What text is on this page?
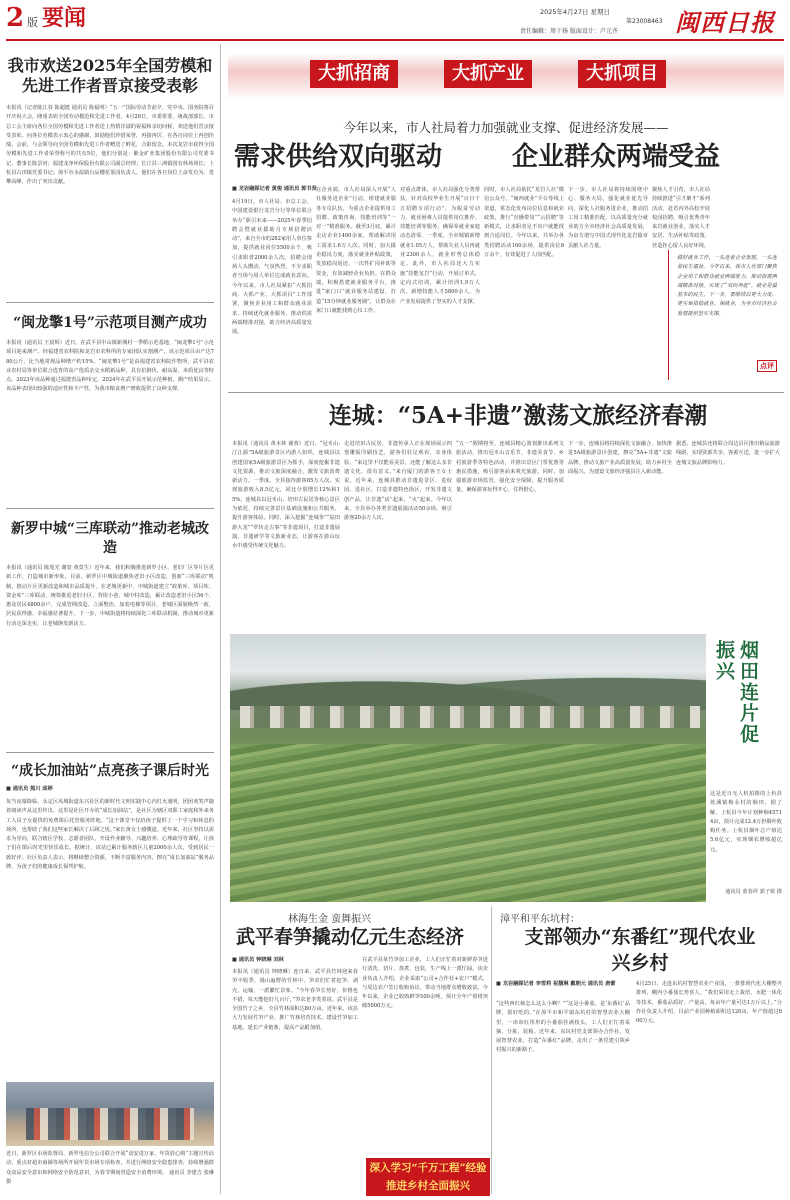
2 版 要闻	2025年4月27日 星期日
第23008463
责任编辑：周于扬 版面设计：卢元齐 闽西日报
我市欢送2025年全国劳模和先进工作者晋京接受表彰
本报讯（记者陈江春 陈超挺 通讯员 陈福明）“五一”国际劳动节前夕，党中央、国务院将召开庆祝大会，隆重表彰全国劳动模范和先进工作者。4月26日，市委常委、统战部部长、市总工会主席向各位全国劳模和先进工作者送上热情洋溢的祝福和亲切问候，欢送他们晋京接受表彰。向各位劳模表示衷心的感谢，鼓励他们珍惜荣誉，再接再厉，在各自岗位上再创佳绩。会前，与会领导向全国劳模和先进工作者赠送了鲜花，合影留念。本次龙岩市获得全国劳模和先进工作者荣誉称号的共有5位，他们分别是：紫金矿业集团股份有限公司党委书记、董事长陈景河；福建龙净环保股份有限公司副总经理；长汀县三洲镇国有林场场长；上杭县古田镇党委书记；漳平市永福镇台品樱花茶园负责人。他们在各自岗位上奋发有为、勇攀高峰，作出了突出贡献。
“闽龙擎1号”示范项目测产成功
本报讯（通讯员 王晨辉）近日，在武平县中山镇新城村一季稻示范基地，“闽龙擎1号”示范项目迎来测产。经福建省农科院和龙岩市农科所的专家团队实割测产，该示范项目亩产达780公斤，比当地常规品种增产约15%。“闽龙擎1号”是由福建省农科院作物所、武平县农业农村局等单位联合选育的高产优质杂交水稻新品种，具有抗倒伏、耐高温、米质优良等特点。2023年该品种通过福建省品种审定，2024年在武平县开展示范种植。测产结果显示，该品种表现出较强的适应性和丰产性，为我市粮食增产增收提供了良种支撑。
新罗中城“三库联动”推动老城改造
本报讯（通讯员 陈莲光 谢宽 黄莫生）近年来，我们积极推进新罗小区、老旧厂区等片区更新工作，打造城市新形象。目前，新罗区中城街道聚焦老旧小区改造，创新“三库联动”机制，推动片区更新改造和城市品质提升。在老城更新中，中城街道建立“政策库、项目库、资金库”三库联动，统筹推进老旧小区、背街小巷、城中村改造，累计改造老旧小区56个、惠及居民4800余户，完成管网改造、立面整治、加装电梯等项目，老城区面貌焕然一新，居民获得感、幸福感显著提升。下一步，中城街道将持续深化三库联动机制，推动城市更新行动走深走实，让老城焕发新活力。
“成长加油站”点亮孩子课后时光
■ 通讯员 熊川 邱婷
每当夜幕降临，永定区凤城街道东兴社区的新时代文明实践中心内灯火通明，团团欢笑声随着朗读声从这里传出。这里是社区开办的“成长加油站”，是社区为辖区双职工家庭和外来务工人员子女提供的免费课后托管服务阵地。“这个课堂不仅给孩子提供了一个学习和休息的场所，也帮助了我们这些家长解决了后顾之忧。”家长黄女士感慨道。近年来，社区坚持以需求为导向，联合辖区学校、志愿者团队，开设作业辅导、兴趣培养、心理疏导等课程，让孩子们在课后时光里快乐成长。据统计，该站已累计服务辖区儿童2000余人次，受到居民一致好评。社区负责人表示，将继续整合资源，不断丰富服务内容，擦亮“成长加油站”服务品牌，为孩子们的健康成长保驾护航。
近日，新罗区市场监督局、新罗电信分公司联合开展“食安进万家、年货放心购”主题宣传活动，重点对超市商铺等场所开展年货市场专项检查，并进行网络安全隐患排查，持续增强群众食品安全意识和网络安全防范意识，为春节期间营造安全消费环境。 通讯员 李建吉 张琳 摄
大抓招商	大抓产业	大抓项目
今年以来，市人社局着力加强就业支撑、促进经济发展——
需求供给双向驱动	企业群众两端受益
■ 龙岩融媒记者 黄俊 通讯员 郭书贤
4月19日，市人社局、市总工会、中国建设银行龙岩分行等单位联合举办“职引未来——2025年春季招聘会暨就业援助月专场招聘活动”，来自全市的282家用人单位参加，提供就业岗位5500余个，吸引求职者2000余人次。招聘会现场人头攒动，气氛热烈，不少求职者当场与用人单位达成就业意向。今年以来，市人社局紧扣“大抓招商、大抓产业、大抓项目”工作部署，聚焦企业用工和群众就业需求，持续优化就业服务，推动供需两端精准对接，助力经济高质量发展。
在企业端，市人社局深入开展“人社服务进企业”行动，组建就业服务专员队伍，为重点企业提供用工招聘、政策咨询、技能培训等“一对一”精准服务。截至3月底，累计走访企业1400余家，帮助解决用工需求1.6万人次。同时，加大援企稳岗力度，落实就业补贴政策，发放稳岗返还、一次性扩岗补助等资金，有效减轻企业负担。在群众端，积极搭建就业服务平台，推进“家门口”就业服务站建设，打造“15分钟就业服务圈”，让群众在家门口就能找到心仪工作。
对重点群体，市人社局强化分类帮扶，针对高校毕业生开展“百日千万招聘专项行动”，为脱贫劳动力、就业困难人员提供岗位推荐、技能培训等服务，确保零就业家庭动态清零。一季度，全市城镇新增就业1.05万人，帮助失业人员再就业2300余人，就业形势总体稳定。此外，市人社局还大力实施“技能龙岩”行动，开展订单式、定向式培训，累计培训1.9万人次，新增技能人才5800余人，为产业发展提供了坚实的人才支撑。
同时，市人社局依托“龙岩人社”微信公众号、“闽西就业”平台等线上渠道，常态化发布岗位信息和就业政策，推行“直播带岗”“云招聘”等新模式，让求职者足不出户就能找到合适岗位。今年以来，共举办各类招聘活动160余场，提供岗位8万余个，有效促进了人岗匹配。
下一步，市人社局将持续围绕中心、服务大局，强化就业优先导向，深化人社服务进企业，推动招工用工精准匹配，以高质量充分就业助力全市经济社会高质量发展，为奋力谱写中国式现代化龙岩篇章贡献人社力量。
聚焦人才引育，市人社局持续推进“引才聚才”系列活动，赴省内外高校开展校园招聘，吸引优秀青年来岩就业创业，落实人才安居、生活补贴等政策，营造拴心留人良好环境。
做好就业工作，一头连着企业发展，一头连着民生福祉。今年以来，我市人社部门聚焦企业用工和群众就业两端发力，推动供需两端精准对接，实现了“双向奔赴”。就业是最基本的民生，下一步，要继续以更大力度、更实举措稳就业、保就业，为全市经济社会发展提供坚实支撑。
点评
连城：“5A+非遗”激荡文旅经济春潮
本报讯（通讯员 黄本林 谢蓉）近日，“冠豸山·汀江源”5A级旅游景区内游人如织，连城县以创建国家5A级旅游景区为抓手，深度挖掘非遗文化资源，推动文旅深度融合，激发文旅消费新活力。一季度，全县接待游客85万人次，实现旅游收入8.5亿元，同比分别增长12%和15%。连城县以冠豸山、培田古民居等核心景区为依托，持续完善景区基础设施和公共服务，提升游客体验。同时，深入挖掘“连城拳”“姑田游大龙”“罗坊走古事”等非遗项目，打造非遗展演、非遗研学等文旅新业态，让游客在游山玩水中感受传统文化魅力。
走进培田古民居，非遗传承人正在现场展示四堡雕版印刷技艺，游客们驻足观看、亲身体验。“来这里不仅能看美景，还能了解这么多非遗文化，很有意义。”来自厦门的游客王女士说。近年来，连城县推动非遗进景区、进校园、进社区，打造非遗特色街区，开发非遗文创产品，让非遗“活”起来、“火”起来。今年以来，全县举办各类非遗展演活动50余场，吸引游客20余万人次。
“五一”假期将至，连城县精心策划推出系列文旅活动，推出冠豸山音乐节、非遗美食节、乡村旅游季等特色活动，并推出景区门票优惠等惠民措施，吸引游客前来观光旅游。同时，加强旅游市场监管，强化安全保障，提升服务质量，确保游客玩得开心、住得舒心。
下一步，连城县将持续深化文旅融合，加快推进5A级旅游景区创建，擦亮“5A+非遗”文旅品牌，推动文旅产业高质量发展，助力乡村全面振兴，为建设文旅经济强县注入新动能。
据悉，连城县还将联合周边县区推出精品旅游线路，实现资源共享、客源互送，进一步扩大连城文旅品牌影响力。
烟田连片促振兴
这是近日无人机拍摄的上杭县蓝溪镇梅永村的烟田。据了解，上杭县今年计划种烟45714亩，预计完成12.4万担烟叶收购任务。上杭县烟叶总产值达5.6亿元，实现烟农增收超亿元。
通讯员 蓝春祥 郭子铭 摄
林海生金 蛮舞振兴
武平春笋撬动亿元生态经济
■ 通讯员 钟晓琳 刘林
本报讯（通讯员 钟晓琳）连日来，武平县竹林迎来春笋丰收季，漫山遍野的竹林中，笋农们忙着挖笋、剥壳、运输，一派繁忙景象。“今年春笋长势好，价格也不错，每天能挖好几百斤。”笋农老李笑着说。武平县是全国竹子之乡，全县竹林面积达80万亩。近年来，该县大力发展竹笋产业，推广竹林培育技术，建设竹笋加工基地，延长产业链条，提高产品附加值。
在武平县某竹笋加工企业，工人们正忙着对新鲜春笋进行清洗、切片、蒸煮、包装，生产线上一派忙碌。该企业负责人介绍，企业采取“公司+合作社+农户”模式，与周边农户签订收购协议，带动当地群众增收致富。今年以来，企业已收购鲜笋500余吨，预计全年产值将突破5000万元。
漳平和平东坑村：
支部领办“东番红”现代农业兴乡村
■ 龙岩融媒记者 李雪莉 祝馥琳 戴朝元 通讯员 唐蕾
“这些西红柿怎么这么小啊？”“这是小番茄，是‘东番红’品牌，很好吃的。”在漳平市和平镇东坑村的智慧农业大棚里，一串串红彤彤的小番茄挂满枝头，工人们正忙着采摘、分拣、装箱。近年来，东坑村党支部领办合作社，发展智慧农业，打造“东番红”品牌，走出了一条党建引领乡村振兴的新路子。
4月25日，走进东坑村智慧农业产业园，一排排现代化大棚整齐排列，棚内小番茄长势喜人。“我们采用无土栽培、水肥一体化等技术，番茄品质好、产量高，每亩年产量可达1万斤以上。”合作社负责人介绍，目前产业园种植面积达120亩，年产值超过800万元。
深入学习“千万工程”经验
推进乡村全面振兴
